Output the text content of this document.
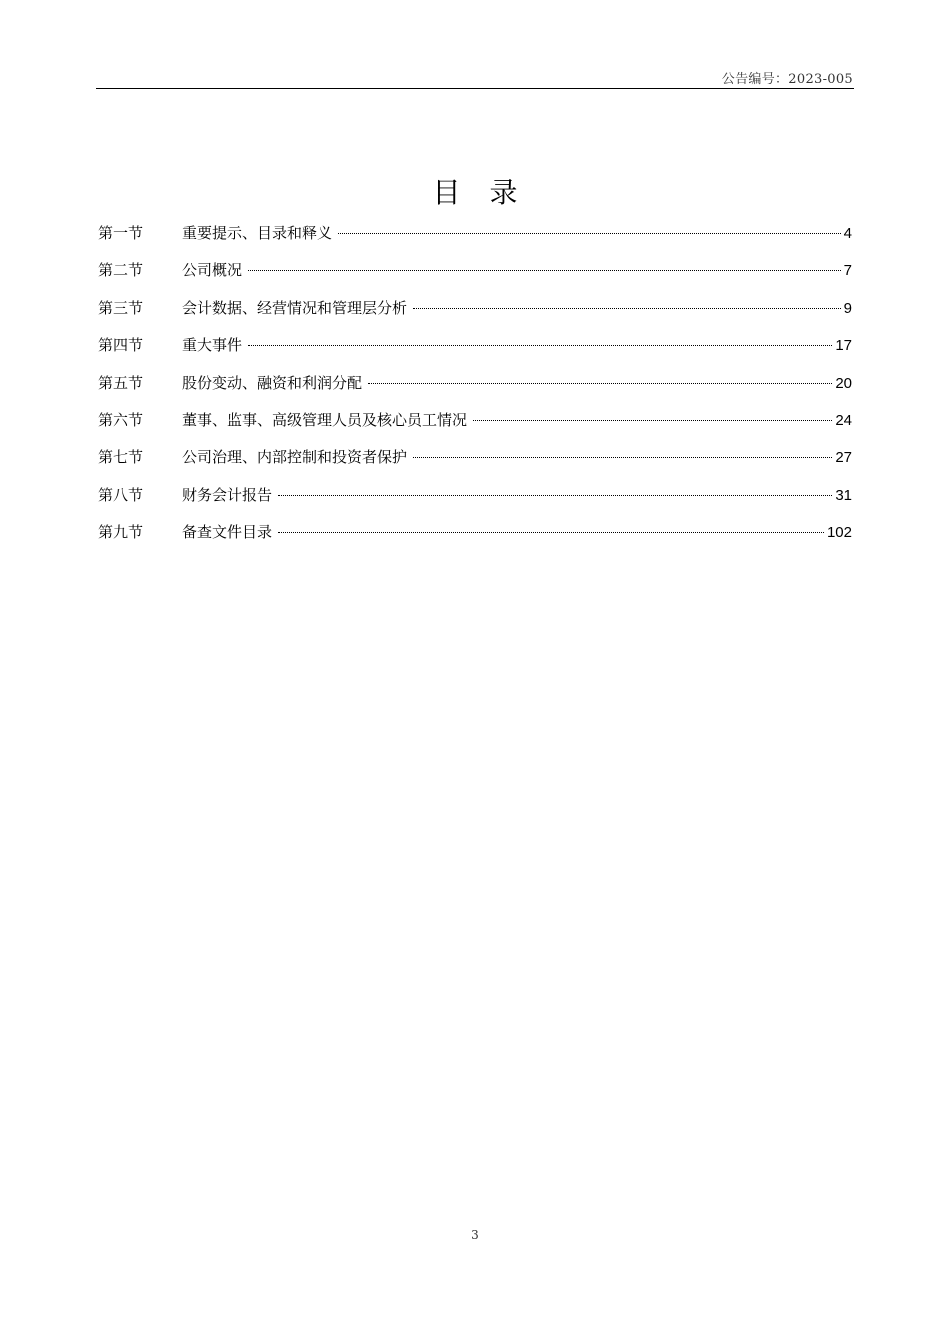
公告编号：2023-005
目 录
第一节	重要提示、目录和释义	4
第二节	公司概况	7
第三节	会计数据、经营情况和管理层分析	9
第四节	重大事件	17
第五节	股份变动、融资和利润分配	20
第六节	董事、监事、高级管理人员及核心员工情况	24
第七节	公司治理、内部控制和投资者保护	27
第八节	财务会计报告	31
第九节	备查文件目录	102
3
